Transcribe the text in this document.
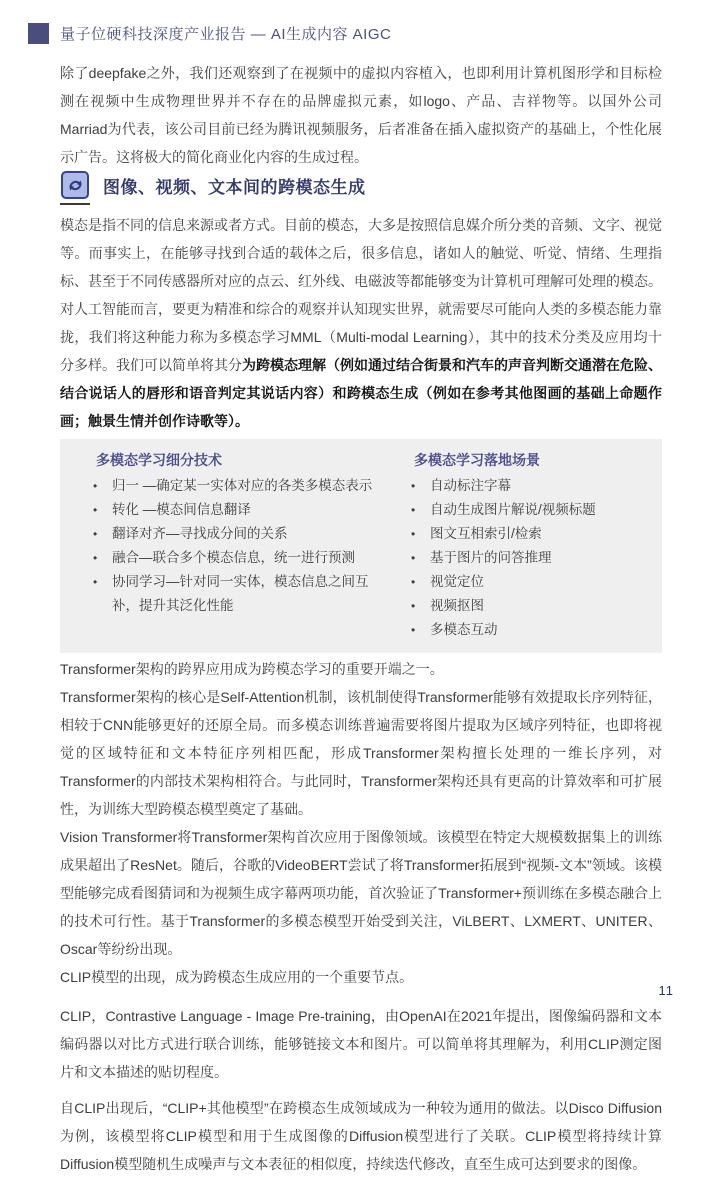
量子位硬科技深度产业报告 — AI生成内容 AIGC

除了deepfake之外，我们还观察到了在视频中的虚拟内容植入，也即利用计算机图形学和目标检测在视频中生成物理世界并不存在的品牌虚拟元素，如logo、产品、吉祥物等。以国外公司Marriad为代表，该公司目前已经为腾讯视频服务，后者准备在插入虚拟资产的基础上，个性化展示广告。这将极大的简化商业化内容的生成过程。

图像、视频、文本间的跨模态生成

模态是指不同的信息来源或者方式。目前的模态，大多是按照信息媒介所分类的音频、文字、视觉等。而事实上，在能够寻找到合适的载体之后，很多信息，诸如人的触觉、听觉、情绪、生理指标、甚至于不同传感器所对应的点云、红外线、电磁波等都能够变为计算机可理解可处理的模态。

对人工智能而言，要更为精准和综合的观察并认知现实世界，就需要尽可能向人类的多模态能力靠拢，我们将这种能力称为多模态学习MML（Multi-modal Learning），其中的技术分类及应用均十分多样。我们可以简单将其分为跨模态理解（例如通过结合街景和汽车的声音判断交通潜在危险、结合说话人的唇形和语音判定其说话内容）和跨模态生成（例如在参考其他图画的基础上命题作画；触景生情并创作诗歌等）。

多模态学习细分技术
• 归一 —确定某一实体对应的各类多模态表示
• 转化 —模态间信息翻译
• 翻译对齐—寻找成分间的关系
• 融合—联合多个模态信息，统一进行预测
• 协同学习—针对同一实体，模态信息之间互补，提升其泛化性能
多模态学习落地场景
• 自动标注字幕
• 自动生成图片解说/视频标题
• 图文互相索引/检索
• 基于图片的问答推理
• 视觉定位
• 视频抠图
• 多模态互动

Transformer架构的跨界应用成为跨模态学习的重要开端之一。

Transformer架构的核心是Self-Attention机制，该机制使得Transformer能够有效提取长序列特征，相较于CNN能够更好的还原全局。而多模态训练普遍需要将图片提取为区域序列特征，也即将视觉的区域特征和文本特征序列相匹配，形成Transformer架构擅长处理的一维长序列，对Transformer的内部技术架构相符合。与此同时，Transformer架构还具有更高的计算效率和可扩展性，为训练大型跨模态模型奠定了基础。

Vision Transformer将Transformer架构首次应用于图像领域。该模型在特定大规模数据集上的训练成果超出了ResNet。随后，谷歌的VideoBERT尝试了将Transformer拓展到“视频-文本”领域。该模型能够完成看图猜词和为视频生成字幕两项功能，首次验证了Transformer+预训练在多模态融合上的技术可行性。基于Transformer的多模态模型开始受到关注，ViLBERT、LXMERT、UNITER、Oscar等纷纷出现。

CLIP模型的出现，成为跨模态生成应用的一个重要节点。

CLIP，Contrastive Language - Image Pre-training，由OpenAI在2021年提出，图像编码器和文本编码器以对比方式进行联合训练，能够链接文本和图片。可以简单将其理解为，利用CLIP测定图片和文本描述的贴切程度。

自CLIP出现后，“CLIP+其他模型”在跨模态生成领域成为一种较为通用的做法。以Disco Diffusion为例，该模型将CLIP模型和用于生成图像的Diffusion模型进行了关联。CLIP模型将持续计算Diffusion模型随机生成噪声与文本表征的相似度，持续迭代修改，直至生成可达到要求的图像。

11
